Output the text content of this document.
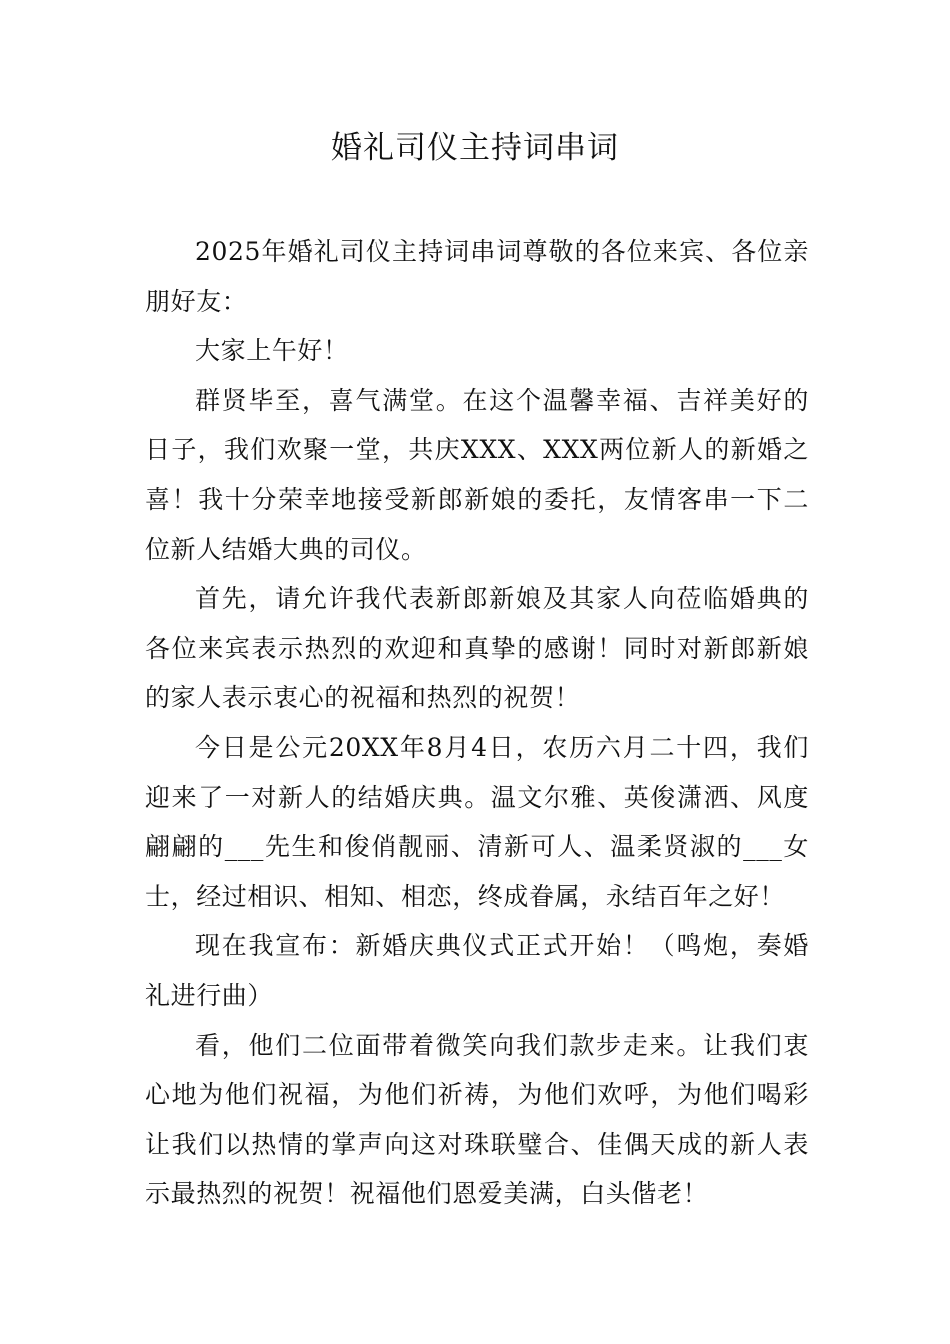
婚礼司仪主持词串词

2025年婚礼司仪主持词串词尊敬的各位来宾、各位亲朋好友：

大家上午好！

群贤毕至，喜气满堂。在这个温馨幸福、吉祥美好的日子，我们欢聚一堂，共庆XXX、XXX两位新人的新婚之喜！我十分荣幸地接受新郎新娘的委托，友情客串一下二位新人结婚大典的司仪。

首先，请允许我代表新郎新娘及其家人向莅临婚典的各位来宾表示热烈的欢迎和真挚的感谢！同时对新郎新娘的家人表示衷心的祝福和热烈的祝贺！

今日是公元20XX年8月4日，农历六月二十四，我们迎来了一对新人的结婚庆典。温文尔雅、英俊潇洒、风度翩翩的___先生和俊俏靓丽、清新可人、温柔贤淑的___女士，经过相识、相知、相恋，终成眷属，永结百年之好！

现在我宣布：新婚庆典仪式正式开始！（鸣炮，奏婚礼进行曲）

看，他们二位面带着微笑向我们款步走来。让我们衷心地为他们祝福，为他们祈祷，为他们欢呼，为他们喝彩让我们以热情的掌声向这对珠联璧合、佳偶天成的新人表示最热烈的祝贺！祝福他们恩爱美满，白头偕老！
